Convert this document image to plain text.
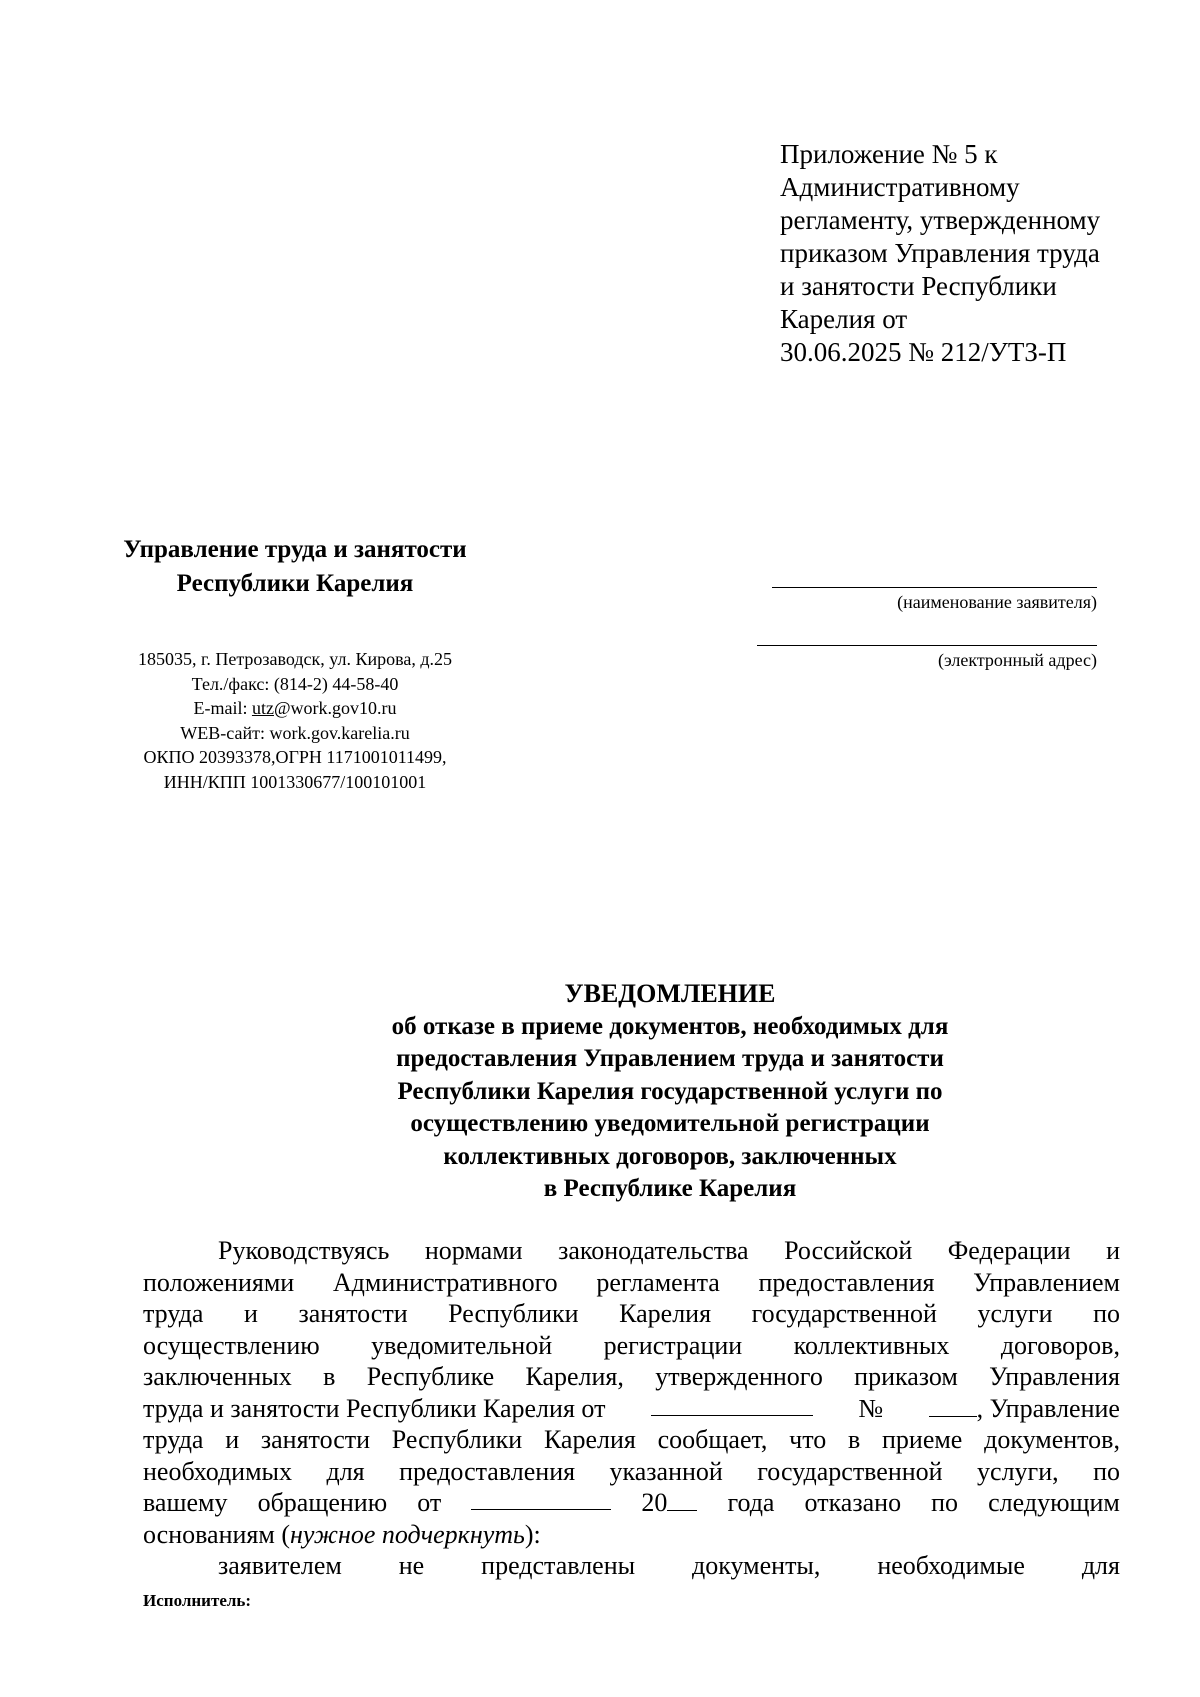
Приложение № 5 к
Административному
регламенту, утвержденному
приказом Управления труда
и занятости Республики
Карелия от
30.06.2025 № 212/УТЗ-П
Управление труда и занятости
Республики Карелия
185035, г. Петрозаводск, ул. Кирова, д.25
Тел./факс: (814-2) 44-58-40
E-mail: utz@work.gov10.ru
WEB-сайт: work.gov.karelia.ru
ОКПО 20393378,ОГРН 1171001011499,
ИНН/КПП 1001330677/100101001
(наименование заявителя)
(электронный адрес)
УВЕДОМЛЕНИЕ
об отказе в приеме документов, необходимых для
предоставления Управлением труда и занятости
Республики Карелия государственной услуги по
осуществлению уведомительной регистрации
коллективных договоров, заключенных
в Республике Карелия
Руководствуясь нормами законодательства Российской Федерации и
положениями Административного регламента предоставления Управлением
труда и занятости Республики Карелия государственной услуги по
осуществлению уведомительной регистрации коллективных договоров,
заключенных в Республике Карелия, утвержденного приказом Управления
труда и занятости Республики Карелия от	№	, Управление
труда и занятости Республики Карелия сообщает, что в приеме документов,
необходимых для предоставления указанной государственной услуги, по
вашему обращению от	20	года отказано по следующим
основаниям (нужное подчеркнуть):
заявителем не представлены документы, необходимые для
Исполнитель:
